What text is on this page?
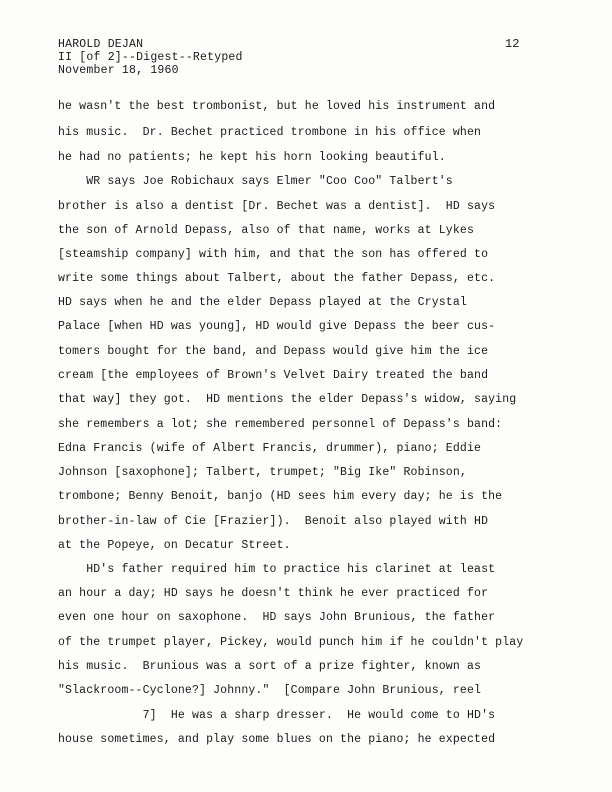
HAROLD DEJAN
II [of 2]--Digest--Retyped
November 18, 1960
12
he wasn't the best trombonist, but he loved his instrument and
his music.  Dr. Bechet practiced trombone in his office when
he had no patients; he kept his horn looking beautiful.
WR says Joe Robichaux says Elmer "Coo Coo" Talbert's
brother is also a dentist [Dr. Bechet was a dentist].  HD says
the son of Arnold Depass, also of that name, works at Lykes
[steamship company] with him, and that the son has offered to
write some things about Talbert, about the father Depass, etc.
HD says when he and the elder Depass played at the Crystal
Palace [when HD was young], HD would give Depass the beer cus-
tomers bought for the band, and Depass would give him the ice
cream [the employees of Brown's Velvet Dairy treated the band
that way] they got.  HD mentions the elder Depass's widow, saying
she remembers a lot; she remembered personnel of Depass's band:
Edna Francis (wife of Albert Francis, drummer), piano; Eddie
Johnson [saxophone]; Talbert, trumpet; "Big Ike" Robinson,
trombone; Benny Benoit, banjo (HD sees him every day; he is the
brother-in-law of Cie [Frazier]).  Benoit also played with HD
at the Popeye, on Decatur Street.
HD's father required him to practice his clarinet at least
an hour a day; HD says he doesn't think he ever practiced for
even one hour on saxophone.  HD says John Brunious, the father
of the trumpet player, Pickey, would punch him if he couldn't play
his music.  Brunious was a sort of a prize fighter, known as
"Slackroom--Cyclone?] Johnny."  [Compare John Brunious, reel
7]  He was a sharp dresser.  He would come to HD's
house sometimes, and play some blues on the piano; he expected
